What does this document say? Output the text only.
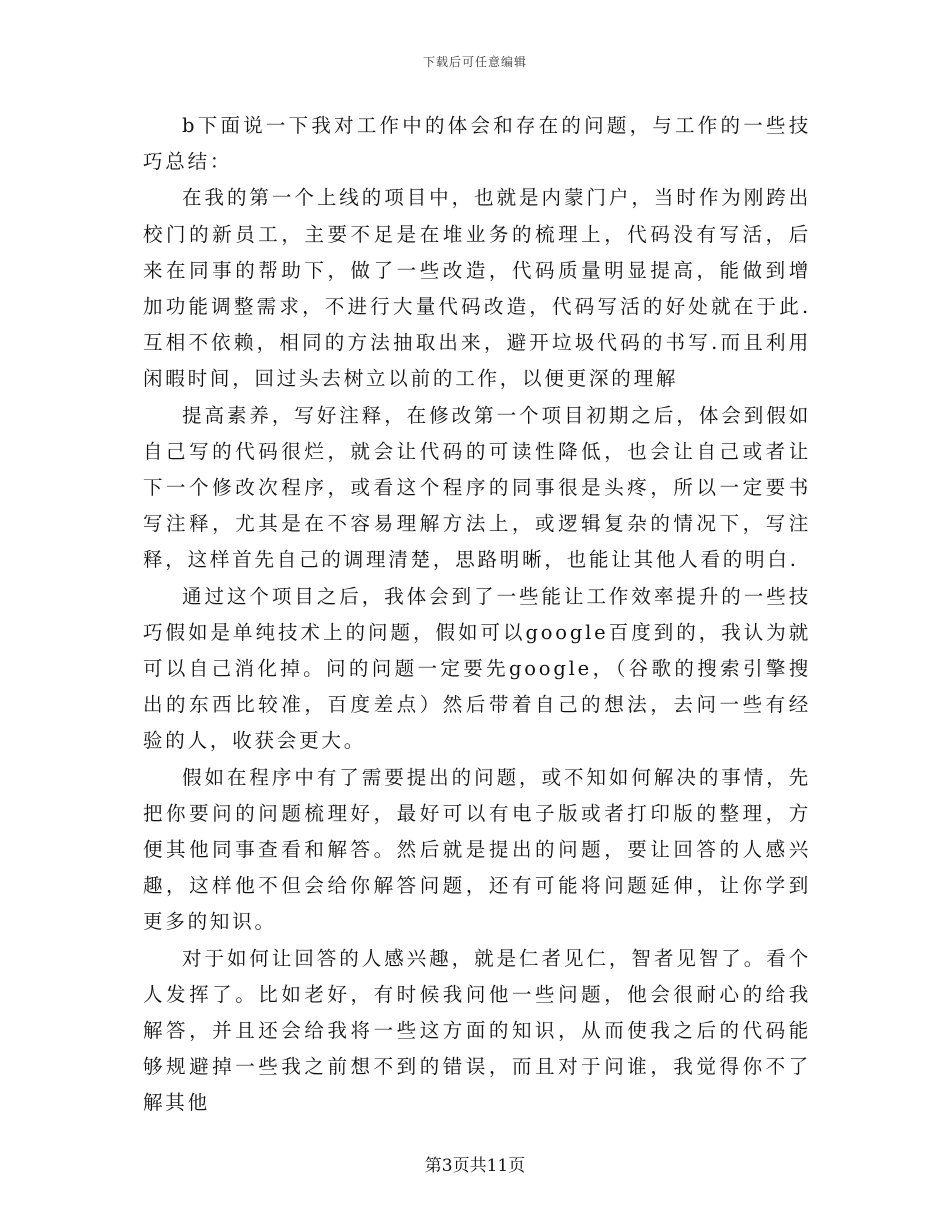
下载后可任意编辑

b下面说一下我对工作中的体会和存在的问题，与工作的一些技巧总结：

在我的第一个上线的项目中，也就是内蒙门户，当时作为刚跨出校门的新员工，主要不足是在堆业务的梳理上，代码没有写活，后来在同事的帮助下，做了一些改造，代码质量明显提高，能做到增加功能调整需求，不进行大量代码改造，代码写活的好处就在于此.互相不依赖，相同的方法抽取出来，避开垃圾代码的书写.而且利用闲暇时间，回过头去树立以前的工作，以便更深的理解

提高素养，写好注释，在修改第一个项目初期之后，体会到假如自己写的代码很烂，就会让代码的可读性降低，也会让自己或者让下一个修改次程序，或看这个程序的同事很是头疼，所以一定要书写注释，尤其是在不容易理解方法上，或逻辑复杂的情况下，写注释，这样首先自己的调理清楚，思路明晰，也能让其他人看的明白.

通过这个项目之后，我体会到了一些能让工作效率提升的一些技巧假如是单纯技术上的问题，假如可以google百度到的，我认为就可以自己消化掉。问的问题一定要先google，（谷歌的搜索引擎搜出的东西比较准，百度差点）然后带着自己的想法，去问一些有经验的人，收获会更大。

假如在程序中有了需要提出的问题，或不知如何解决的事情，先把你要问的问题梳理好，最好可以有电子版或者打印版的整理，方便其他同事查看和解答。然后就是提出的问题，要让回答的人感兴趣，这样他不但会给你解答问题，还有可能将问题延伸，让你学到更多的知识。

对于如何让回答的人感兴趣，就是仁者见仁，智者见智了。看个人发挥了。比如老好，有时候我问他一些问题，他会很耐心的给我解答，并且还会给我将一些这方面的知识，从而使我之后的代码能够规避掉一些我之前想不到的错误，而且对于问谁，我觉得你不了解其他

第3页共11页
